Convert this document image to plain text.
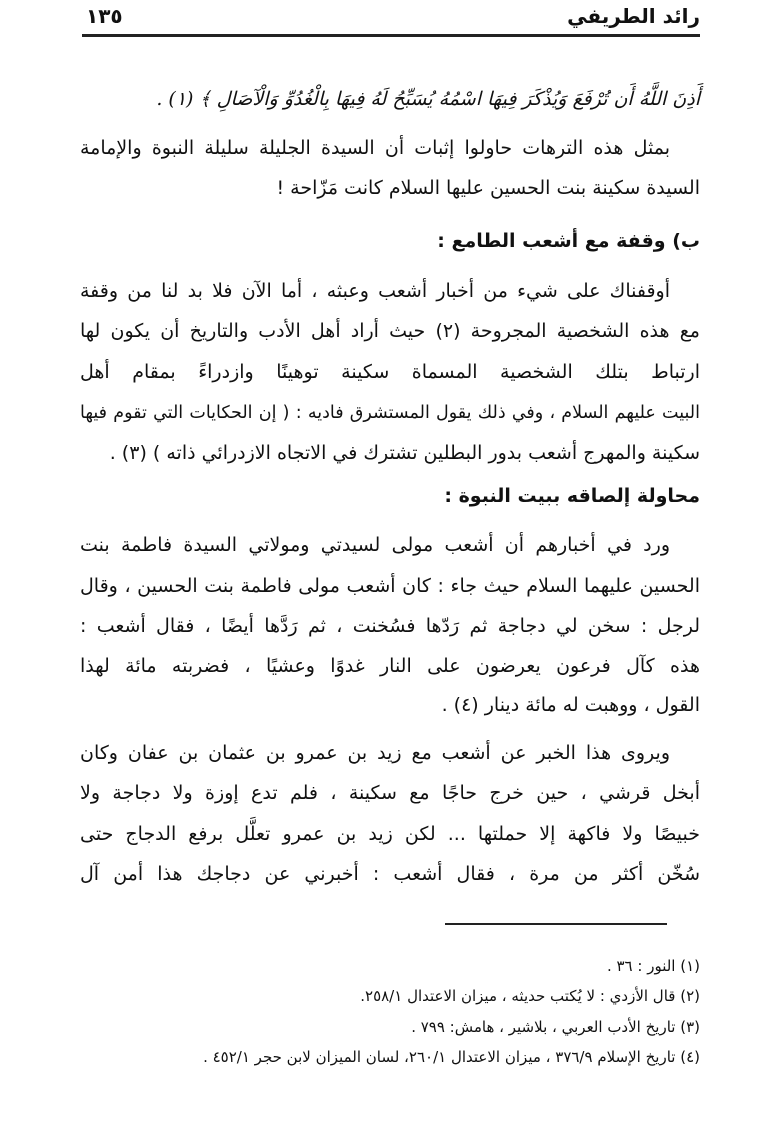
١٣٥	رائد الطريفي
أَذِنَ اللَّهُ أَن تُرْفَعَ وَيُذْكَرَ فِيهَا اسْمُهُ يُسَبِّحُ لَهُ فِيهَا بِالْغُدُوِّ وَالْآصَالِ ﴾ (١) .
بمثل هذه الترهات حاولوا إثبات أن السيدة الجليلة سليلة النبوة والإمامة
السيدة سكينة بنت الحسين عليها السلام كانت مَزّاحة !
ب) وقفة مع أشعب الطامع :
أوقفناك على شيء من أخبار أشعب وعبثه ، أما الآن فلا بد لنا من وقفة
مع هذه الشخصية المجروحة (٢) حيث أراد أهل الأدب والتاريخ أن يكون لها
ارتباط بتلك الشخصية المسماة سكينة توهينًا وازدراءً بمقام أهل
البيت عليهم السلام ، وفي ذلك يقول المستشرق فاديه : ( إن الحكايات التي تقوم فيها
سكينة والمهرج أشعب بدور البطلين تشترك في الاتجاه الازدرائي ذاته ) (٣) .
محاولة إلصاقه ببيت النبوة :
ورد في أخبارهم أن أشعب مولى لسيدتي ومولاتي السيدة فاطمة بنت
الحسين عليهما السلام حيث جاء : كان أشعب مولى فاطمة بنت الحسين ، وقال
لرجل : سخن لي دجاجة ثم رَدّها فسُخنت ، ثم رَدَّها أيضًا ، فقال أشعب :
هذه كآل فرعون يعرضون على النار غدوًا وعشيًا ، فضربته مائة لهذا
القول ، ووهبت له مائة دينار (٤) .
ويروى هذا الخبر عن أشعب مع زيد بن عمرو بن عثمان بن عفان وكان
أبخل قرشي ، حين خرج حاجًا مع سكينة ، فلم تدع إوزة ولا دجاجة ولا
خبيصًا ولا فاكهة إلا حملتها ... لكن زيد بن عمرو تعلَّل برفع الدجاج حتى
سُخّن أكثر من مرة ، فقال أشعب : أخبرني عن دجاجك هذا أمن آل
(١) النور : ٣٦ .
(٢) قال الأزدي : لا يُكتب حديثه ، ميزان الاعتدال ٢٥٨/١.
(٣) تاريخ الأدب العربي ، بلاشير ، هامش: ٧٩٩ .
(٤) تاريخ الإسلام ٣٧٦/٩ ، ميزان الاعتدال ٢٦٠/١، لسان الميزان لابن حجر ٤٥٢/١ .
